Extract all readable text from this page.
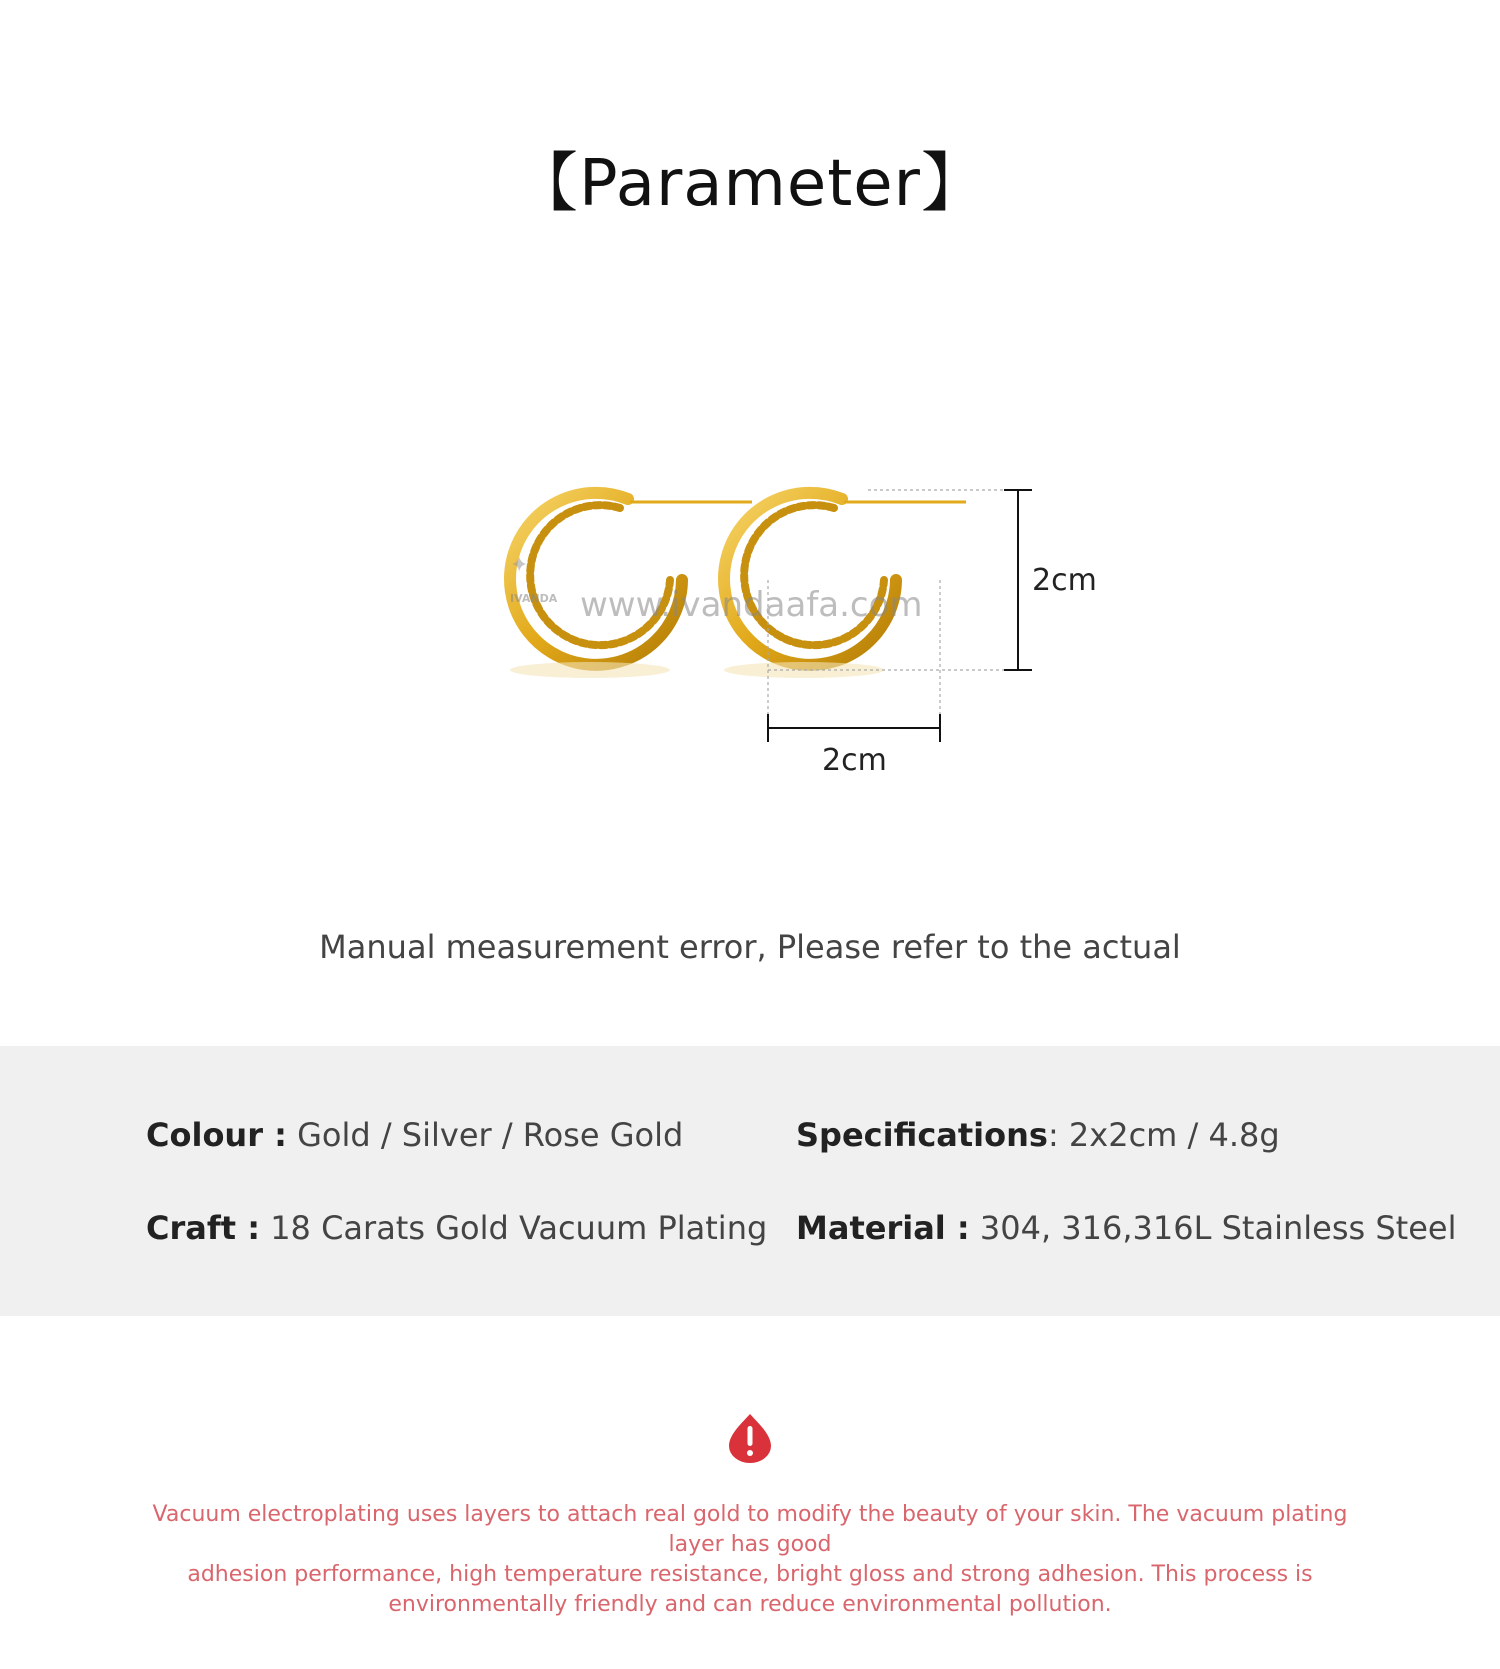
【Parameter】
✦
IVANDA www.ivandaafa.com
2cm
2cm
Manual measurement error, Please refer to the actual
Colour : Gold / Silver / Rose Gold	Specifications: 2x2cm / 4.8g
Craft : 18 Carats Gold Vacuum Plating Material : 304, 316,316L Stainless Steel
Vacuum electroplating uses layers to attach real gold to modify the beauty of your skin. The vacuum plating layer has good
adhesion performance, high temperature resistance, bright gloss and strong adhesion. This process is
environmentally friendly and can reduce environmental pollution.
